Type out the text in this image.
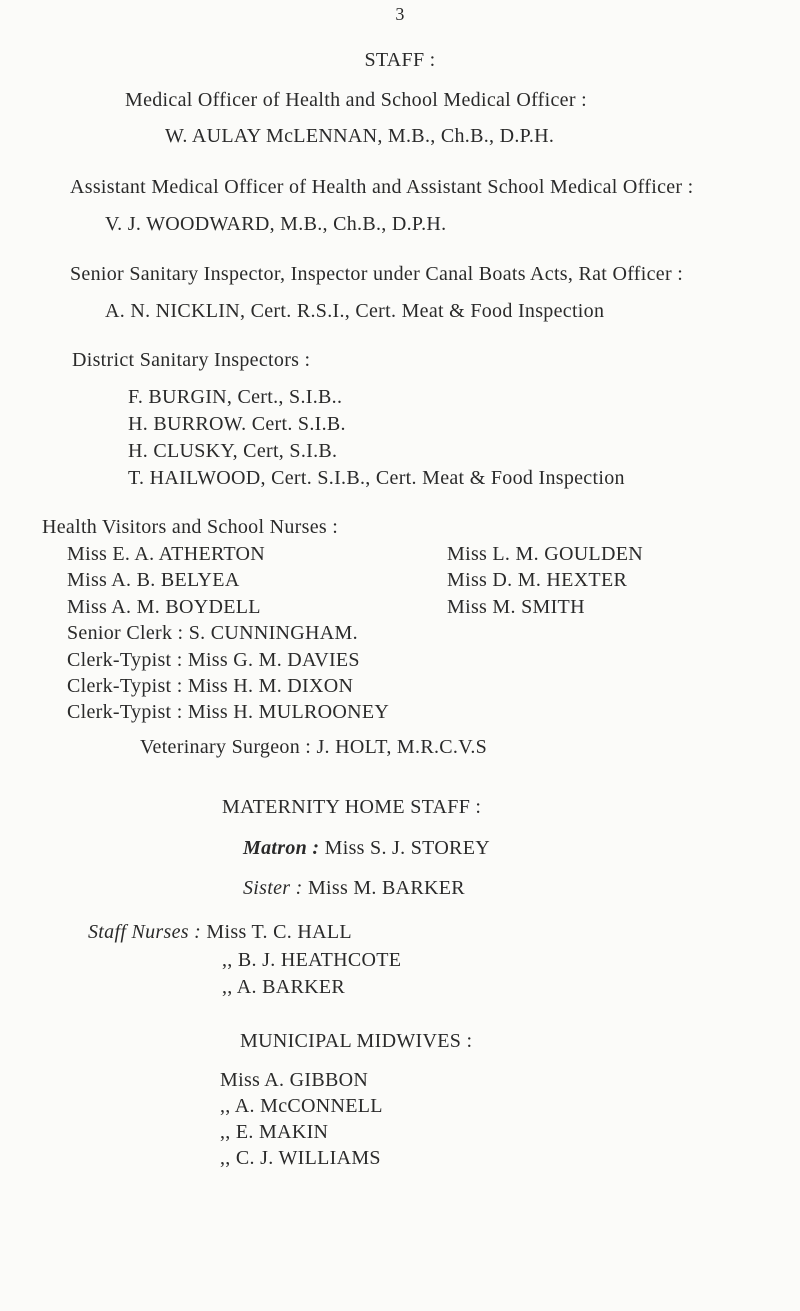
3
STAFF :
Medical Officer of Health and School Medical Officer :
W. AULAY McLENNAN, M.B., Ch.B., D.P.H.
Assistant Medical Officer of Health and Assistant School Medical Officer :
V. J. WOODWARD, M.B., Ch.B., D.P.H.
Senior Sanitary Inspector, Inspector under Canal Boats Acts, Rat Officer :
A. N. NICKLIN, Cert. R.S.I., Cert. Meat & Food Inspection
District Sanitary Inspectors :
F. BURGIN, Cert., S.I.B..
H. BURROW. Cert. S.I.B.
H. CLUSKY, Cert, S.I.B.
T. HAILWOOD, Cert. S.I.B., Cert. Meat & Food Inspection
Health Visitors and School Nurses :
Miss E. A. ATHERTON
Miss A. B. BELYEA
Miss A. M. BOYDELL
Miss L. M. GOULDEN
Miss D. M. HEXTER
Miss M. SMITH
Senior Clerk : S. CUNNINGHAM.
Clerk-Typist : Miss G. M. DAVIES
Clerk-Typist : Miss H. M. DIXON
Clerk-Typist : Miss H. MULROONEY
Veterinary Surgeon : J. HOLT, M.R.C.V.S
MATERNITY HOME STAFF :
Matron : Miss S. J. STOREY
Sister : Miss M. BARKER
Staff Nurses : Miss T. C. HALL
,, B. J. HEATHCOTE
,, A. BARKER
MUNICIPAL MIDWIVES :
Miss A. GIBBON
,, A. McCONNELL
,, E. MAKIN
,, C. J. WILLIAMS
